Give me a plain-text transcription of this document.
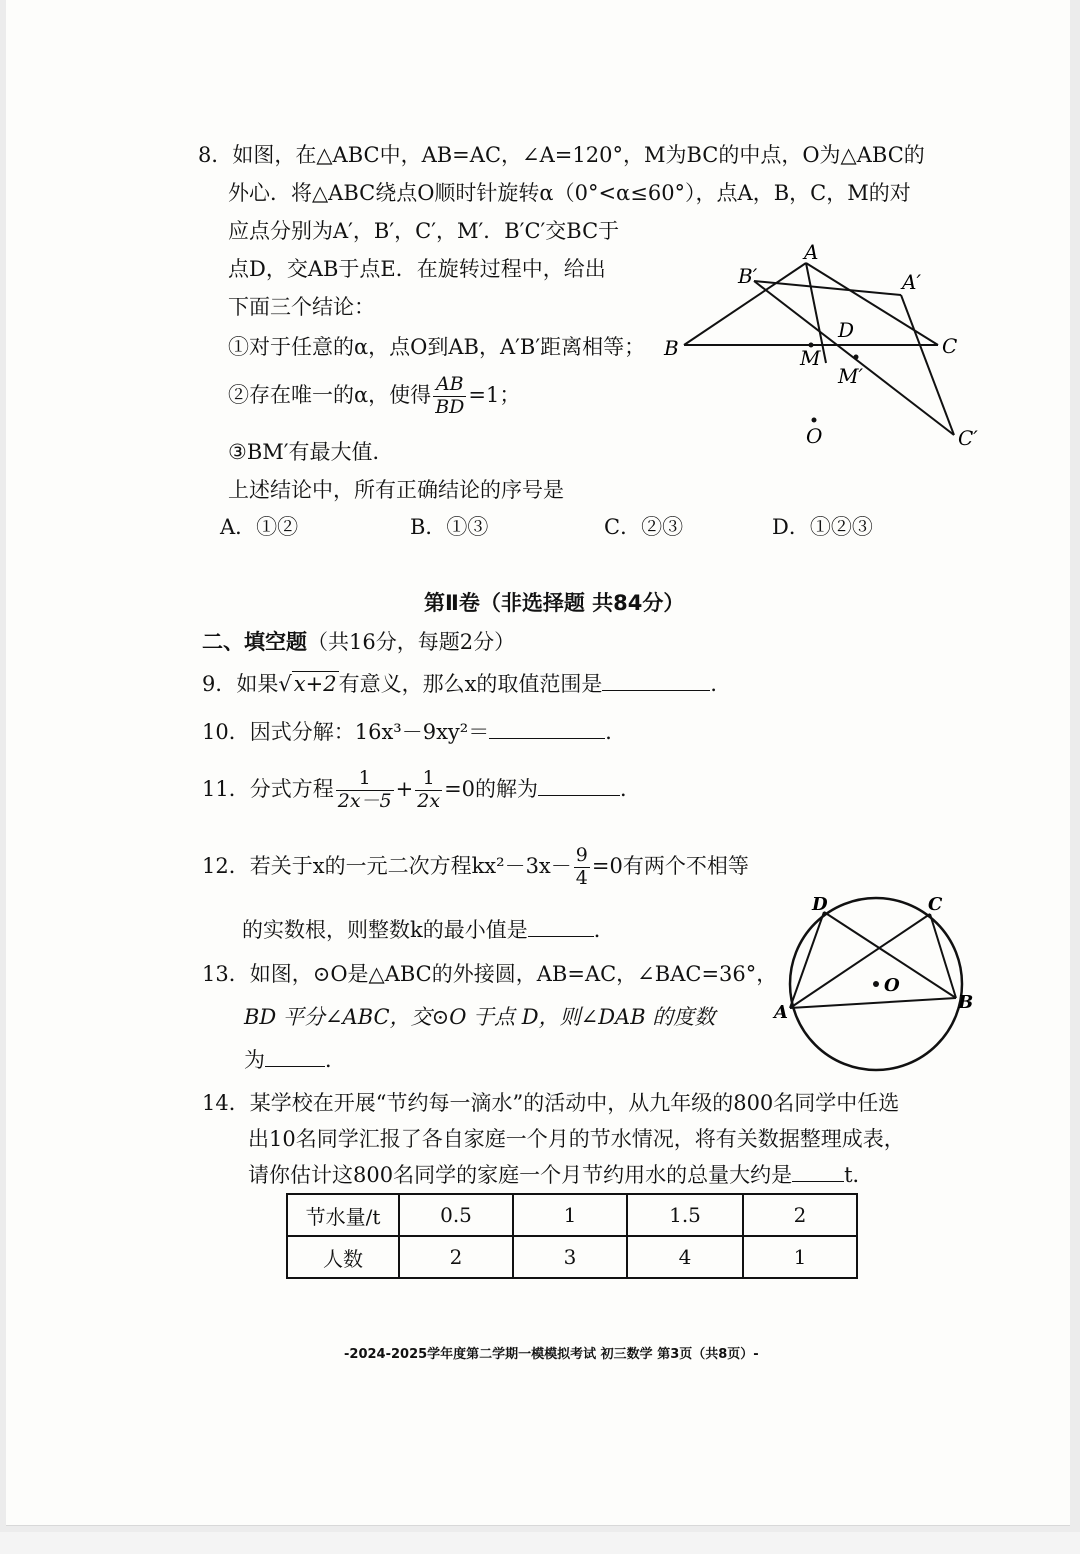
8．如图，在△ABC中，AB=AC，∠A=120°，M为BC的中点，O为△ABC的
外心．将△ABC绕点O顺时针旋转α（0°<α≤60°），点A，B，C，M的对
应点分别为A′，B′，C′，M′．B′C′交BC于
点D，交AB于点E．在旋转过程中，给出
下面三个结论：
①对于任意的α，点O到AB，A′B′距离相等；
②存在唯一的α，使得 $\frac{AB}{BD} =1$；
③BM′有最大值．
上述结论中，所有正确结论的序号是
A．①②	B．①③	C．②③	D．①②③
A
B′	A′
B
D
C
M
M′
O	C′
第Ⅱ卷（非选择题 共84分）
二、填空题（共16分，每题2分）
9．如果√x+2有意义，那么x的取值范围是	．
10．因式分解：16x³－9xy²＝	．
11．分式方程 $\frac{1}{2x-5} + \frac{1}{2x} =0$的解为	．
12．若关于x的一元二次方程$kx^2-3x- \frac{9}{4} =0$有两个不相等
的实数根，则整数k的最小值是	．
13．如图，⊙O是△ABC的外接圆，AB=AC，∠BAC=36°，
BD 平分∠ABC，交⊙O 于点 D，则∠DAB 的度数
为	．
D	C
A	B
O
14．某学校在开展“节约每一滴水”的活动中，从九年级的800名同学中任选
出10名同学汇报了各自家庭一个月的节水情况，将有关数据整理成表，
请你估计这800名同学的家庭一个月节约用水的总量大约是 t．
节水量/t	0.5	1	1.5	2
人数	2	3	4	1
-2024-2025学年度第二学期一模模拟考试 初三数学 第3页（共8页）-
